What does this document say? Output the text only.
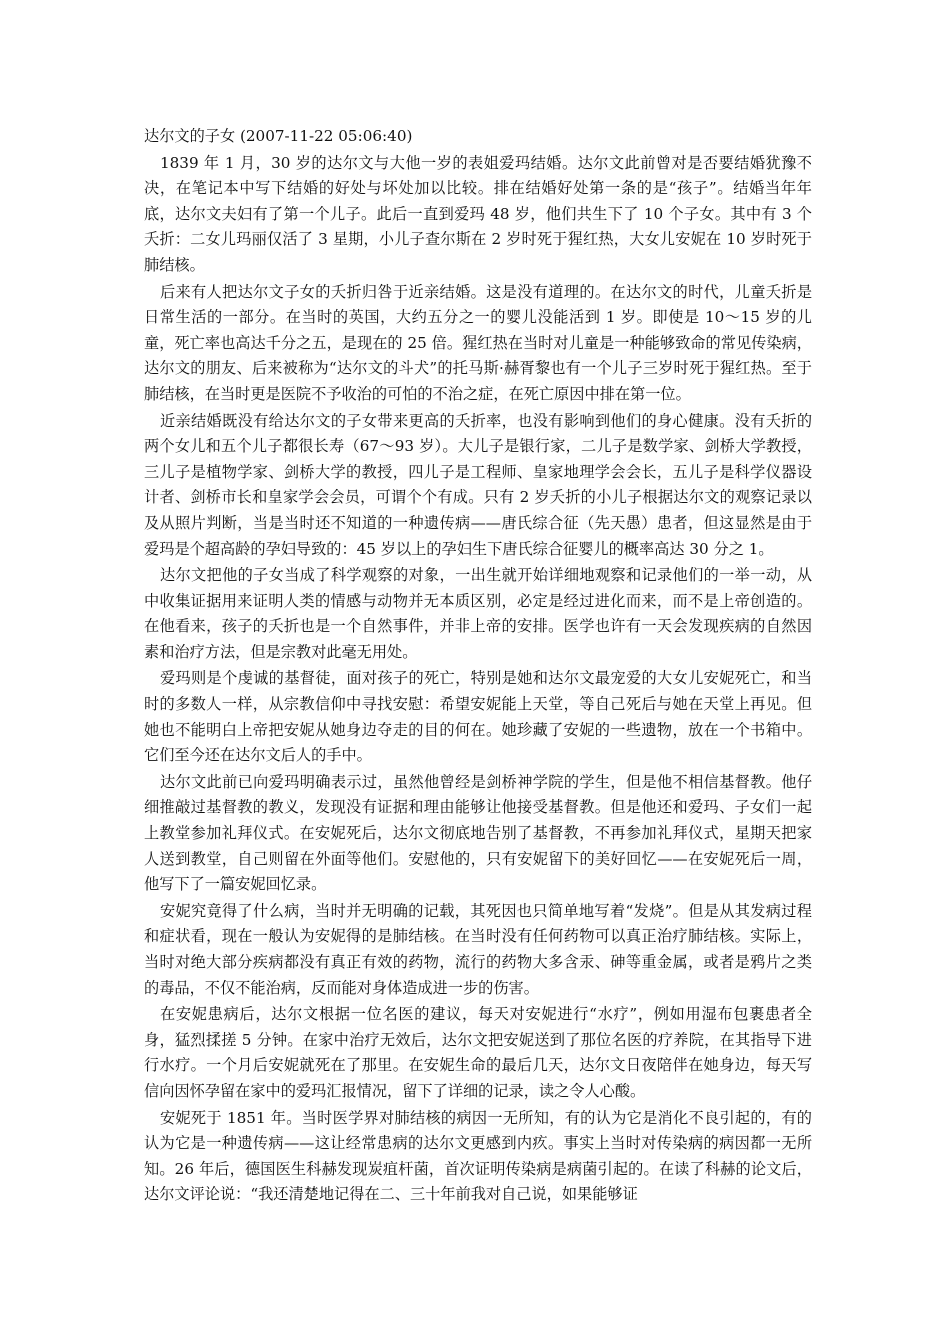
达尔文的子女 (2007-11-22 05:06:40)

1839 年 1 月，30 岁的达尔文与大他一岁的表姐爱玛结婚。达尔文此前曾对是否要结婚犹豫不决，在笔记本中写下结婚的好处与坏处加以比较。排在结婚好处第一条的是“孩子”。结婚当年年底，达尔文夫妇有了第一个儿子。此后一直到爱玛 48 岁，他们共生下了 10 个子女。其中有 3 个夭折：二女儿玛丽仅活了 3 星期，小儿子查尔斯在 2 岁时死于猩红热，大女儿安妮在 10 岁时死于肺结核。

后来有人把达尔文子女的夭折归咎于近亲结婚。这是没有道理的。在达尔文的时代，儿童夭折是日常生活的一部分。在当时的英国，大约五分之一的婴儿没能活到 1 岁。即使是 10～15 岁的儿童，死亡率也高达千分之五，是现在的 25 倍。猩红热在当时对儿童是一种能够致命的常见传染病，达尔文的朋友、后来被称为“达尔文的斗犬”的托马斯·赫胥黎也有一个儿子三岁时死于猩红热。至于肺结核，在当时更是医院不予收治的可怕的不治之症，在死亡原因中排在第一位。

近亲结婚既没有给达尔文的子女带来更高的夭折率，也没有影响到他们的身心健康。没有夭折的两个女儿和五个儿子都很长寿（67～93 岁）。大儿子是银行家，二儿子是数学家、剑桥大学教授，三儿子是植物学家、剑桥大学的教授，四儿子是工程师、皇家地理学会会长，五儿子是科学仪器设计者、剑桥市长和皇家学会会员，可谓个个有成。只有 2 岁夭折的小儿子根据达尔文的观察记录以及从照片判断，当是当时还不知道的一种遗传病——唐氏综合征（先天愚）患者，但这显然是由于爱玛是个超高龄的孕妇导致的：45 岁以上的孕妇生下唐氏综合征婴儿的概率高达 30 分之 1。

达尔文把他的子女当成了科学观察的对象，一出生就开始详细地观察和记录他们的一举一动，从中收集证据用来证明人类的情感与动物并无本质区别，必定是经过进化而来，而不是上帝创造的。在他看来，孩子的夭折也是一个自然事件，并非上帝的安排。医学也许有一天会发现疾病的自然因素和治疗方法，但是宗教对此毫无用处。

爱玛则是个虔诚的基督徒，面对孩子的死亡，特别是她和达尔文最宠爱的大女儿安妮死亡，和当时的多数人一样，从宗教信仰中寻找安慰：希望安妮能上天堂，等自己死后与她在天堂上再见。但她也不能明白上帝把安妮从她身边夺走的目的何在。她珍藏了安妮的一些遗物，放在一个书箱中。它们至今还在达尔文后人的手中。

达尔文此前已向爱玛明确表示过，虽然他曾经是剑桥神学院的学生，但是他不相信基督教。他仔细推敲过基督教的教义，发现没有证据和理由能够让他接受基督教。但是他还和爱玛、子女们一起上教堂参加礼拜仪式。在安妮死后，达尔文彻底地告别了基督教，不再参加礼拜仪式，星期天把家人送到教堂，自己则留在外面等他们。安慰他的，只有安妮留下的美好回忆——在安妮死后一周，他写下了一篇安妮回忆录。

安妮究竟得了什么病，当时并无明确的记载，其死因也只简单地写着“发烧”。但是从其发病过程和症状看，现在一般认为安妮得的是肺结核。在当时没有任何药物可以真正治疗肺结核。实际上，当时对绝大部分疾病都没有真正有效的药物，流行的药物大多含汞、砷等重金属，或者是鸦片之类的毒品，不仅不能治病，反而能对身体造成进一步的伤害。

在安妮患病后，达尔文根据一位名医的建议，每天对安妮进行“水疗”，例如用湿布包裹患者全身，猛烈揉搓 5 分钟。在家中治疗无效后，达尔文把安妮送到了那位名医的疗养院，在其指导下进行水疗。一个月后安妮就死在了那里。在安妮生命的最后几天，达尔文日夜陪伴在她身边，每天写信向因怀孕留在家中的爱玛汇报情况，留下了详细的记录，读之令人心酸。

安妮死于 1851 年。当时医学界对肺结核的病因一无所知，有的认为它是消化不良引起的，有的认为它是一种遗传病——这让经常患病的达尔文更感到内疚。事实上当时对传染病的病因都一无所知。26 年后，德国医生科赫发现炭疽杆菌，首次证明传染病是病菌引起的。在读了科赫的论文后，达尔文评论说：“我还清楚地记得在二、三十年前我对自己说，如果能够证
